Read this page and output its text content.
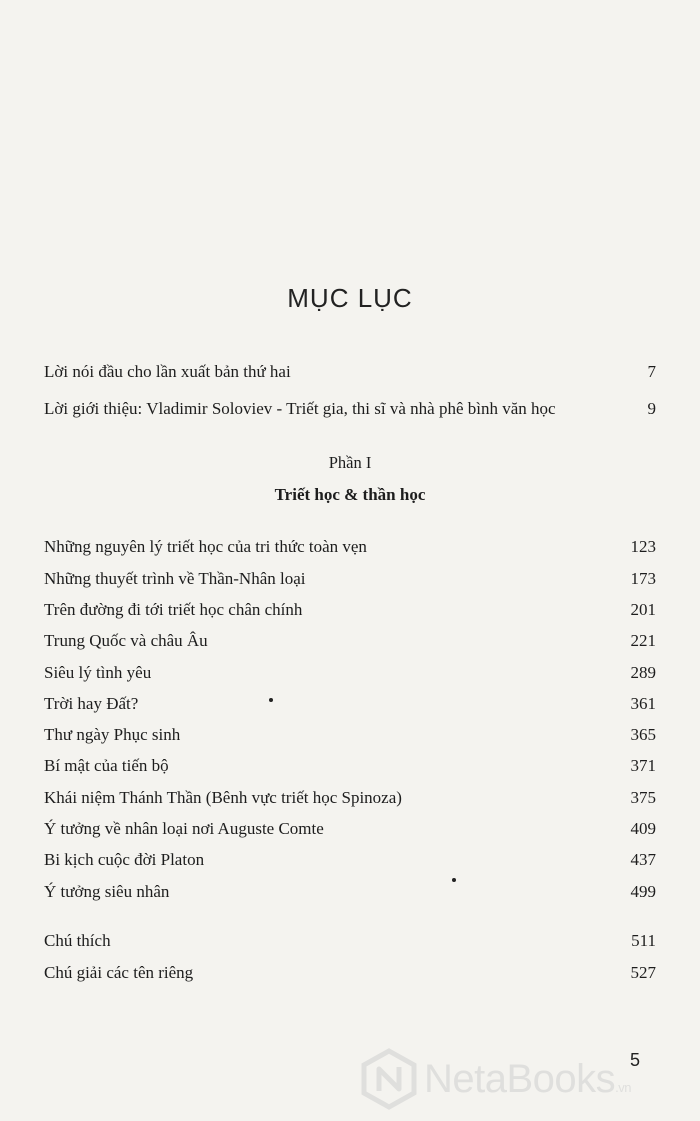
MỤC LỤC
Lời nói đầu cho lần xuất bản thứ hai	7
Lời giới thiệu: Vladimir Soloviev - Triết gia, thi sĩ và nhà phê bình văn học	9
Phần I
Triết học & thần học
Những nguyên lý triết học của tri thức toàn vẹn	123
Những thuyết trình về Thần-Nhân loại	173
Trên đường đi tới triết học chân chính	201
Trung Quốc và châu Âu	221
Siêu lý tình yêu	289
Trời hay Đất?	361
Thư ngày Phục sinh	365
Bí mật của tiến bộ	371
Khái niệm Thánh Thần (Bênh vực triết học Spinoza)	375
Ý tưởng về nhân loại nơi Auguste Comte	409
Bi kịch cuộc đời Platon	437
Ý tưởng siêu nhân	499
Chú thích	511
Chú giải các tên riêng	527
5
NetaBooks.vn
